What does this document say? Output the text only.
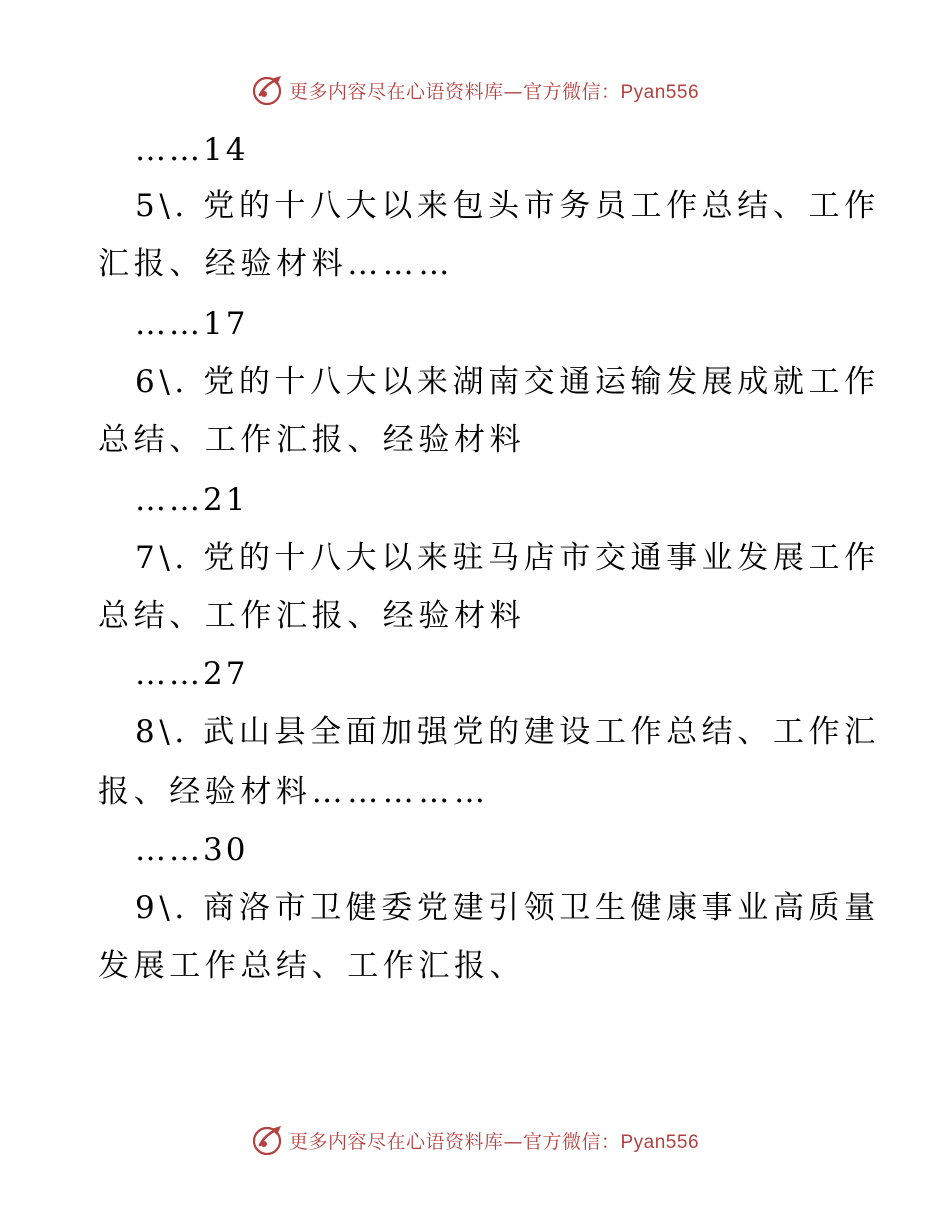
更多内容尽在心语资料库—官方微信：Pyan556
……14
5\. 党的十八大以来包头市务员工作总结、工作
汇报、经验材料………
……17
6\. 党的十八大以来湖南交通运输发展成就工作
总结、工作汇报、经验材料
……21
7\. 党的十八大以来驻马店市交通事业发展工作
总结、工作汇报、经验材料
……27
8\. 武山县全面加强党的建设工作总结、工作汇
报、经验材料……………
……30
9\. 商洛市卫健委党建引领卫生健康事业高质量
发展工作总结、工作汇报、
更多内容尽在心语资料库—官方微信：Pyan556
